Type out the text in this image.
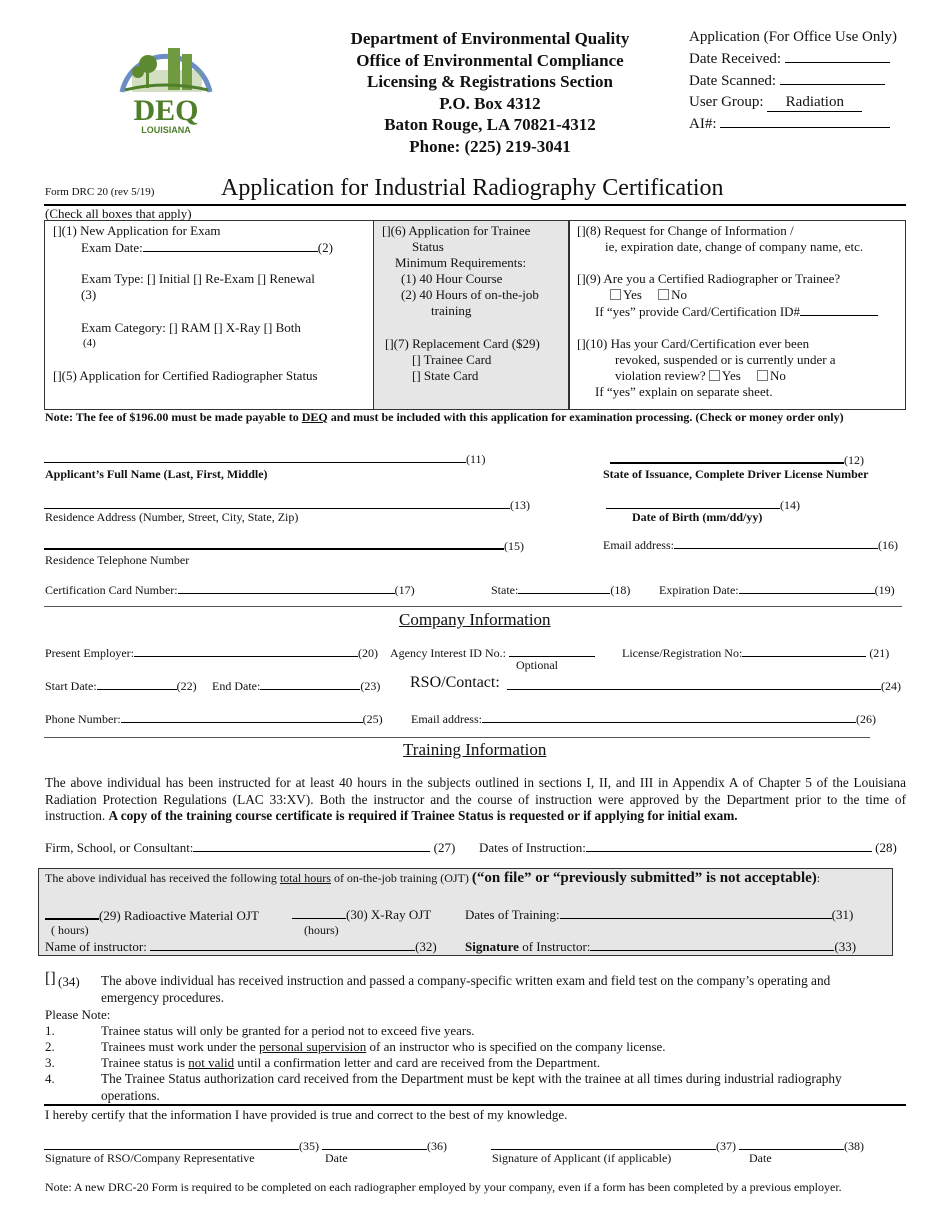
DEQ
LOUISIANA
Department of Environmental Quality
Office of Environmental Compliance
Licensing & Registrations Section
P.O. Box 4312
Baton Rouge, LA 70821-4312
Phone: (225) 219-3041
Application (For Office Use Only)
Date Received:
Date Scanned:
User Group: Radiation
AI#:
Form DRC 20 (rev 5/19)	Application for Industrial Radiography Certification
(Check all boxes that apply)
[](1) New Application for Exam
Exam Date:	(2)
Exam Type: [] Initial [] Re-Exam [] Renewal
(3)
Exam Category: [] RAM [] X-Ray [] Both
(4)
[](5) Application for Certified Radiographer Status
[](6) Application for Trainee
Status
Minimum Requirements:
(1) 40 Hour Course
(2) 40 Hours of on-the-job
training
[](7) Replacement Card ($29)
[] Trainee Card
[] State Card
[](8) Request for Change of Information /
ie, expiration date, change of company name, etc.
[](9) Are you a Certified Radiographer or Trainee?
Yes No
If “yes” provide Card/Certification ID#
[](10) Has your Card/Certification ever been
revoked, suspended or is currently under a
violation review? Yes No
If “yes” explain on separate sheet.
Note: The fee of $196.00 must be made payable to DEQ and must be included with this application for examination processing. (Check or money order only)
(11)
Applicant’s Full Name (Last, First, Middle)
(12)
State of Issuance, Complete Driver License Number
(13)
Residence Address (Number, Street, City, State, Zip)
(14)
Date of Birth (mm/dd/yy)
(15)	Email address:	(16)
Residence Telephone Number
Certification Card Number:	(17)	State:	(18) Expiration Date:	(19)
Company Information
Present Employer:	(20) Agency Interest ID No.:
Optional
License/Registration No:	(21)
Start Date:	(22) End Date:	(23) RSO/Contact:	(24)
Phone Number:	(25) Email address:	(26)
Training Information
The above individual has been instructed for at least 40 hours in the subjects outlined in sections I, II, and III in Appendix A of Chapter 5 of the Louisiana Radiation Protection Regulations (LAC 33:XV). Both the instructor and the course of instruction were approved by the Department prior to the time of instruction. A copy of the training course certificate is required if Trainee Status is requested or if applying for initial exam.
Firm, School, or Consultant:	(27) Dates of Instruction:	(28)
The above individual has received the following total hours of on-the-job training (OJT) (“on file” or “previously submitted” is not acceptable):
(29) Radioactive Material OJT	(30) X-Ray OJT	Dates of Training:	(31)
( hours)	(hours)
Name of instructor:	(32) Signature of Instructor:	(33)
[] (34) The above individual has received instruction and passed a company-specific written exam and field test on the company’s operating and emergency procedures.
Please Note:
1.	Trainee status will only be granted for a period not to exceed five years.
2.	Trainees must work under the personal supervision of an instructor who is specified on the company license.
3.	Trainee status is not valid until a confirmation letter and card are received from the Department.
4.	The Trainee Status authorization card received from the Department must be kept with the trainee at all times during industrial radiography operations.
I hereby certify that the information I have provided is true and correct to the best of my knowledge.
(35)	(36)	(37)	(38)
Signature of RSO/Company Representative	Date	Signature of Applicant (if applicable)	Date
Note: A new DRC-20 Form is required to be completed on each radiographer employed by your company, even if a form has been completed by a previous employer.
